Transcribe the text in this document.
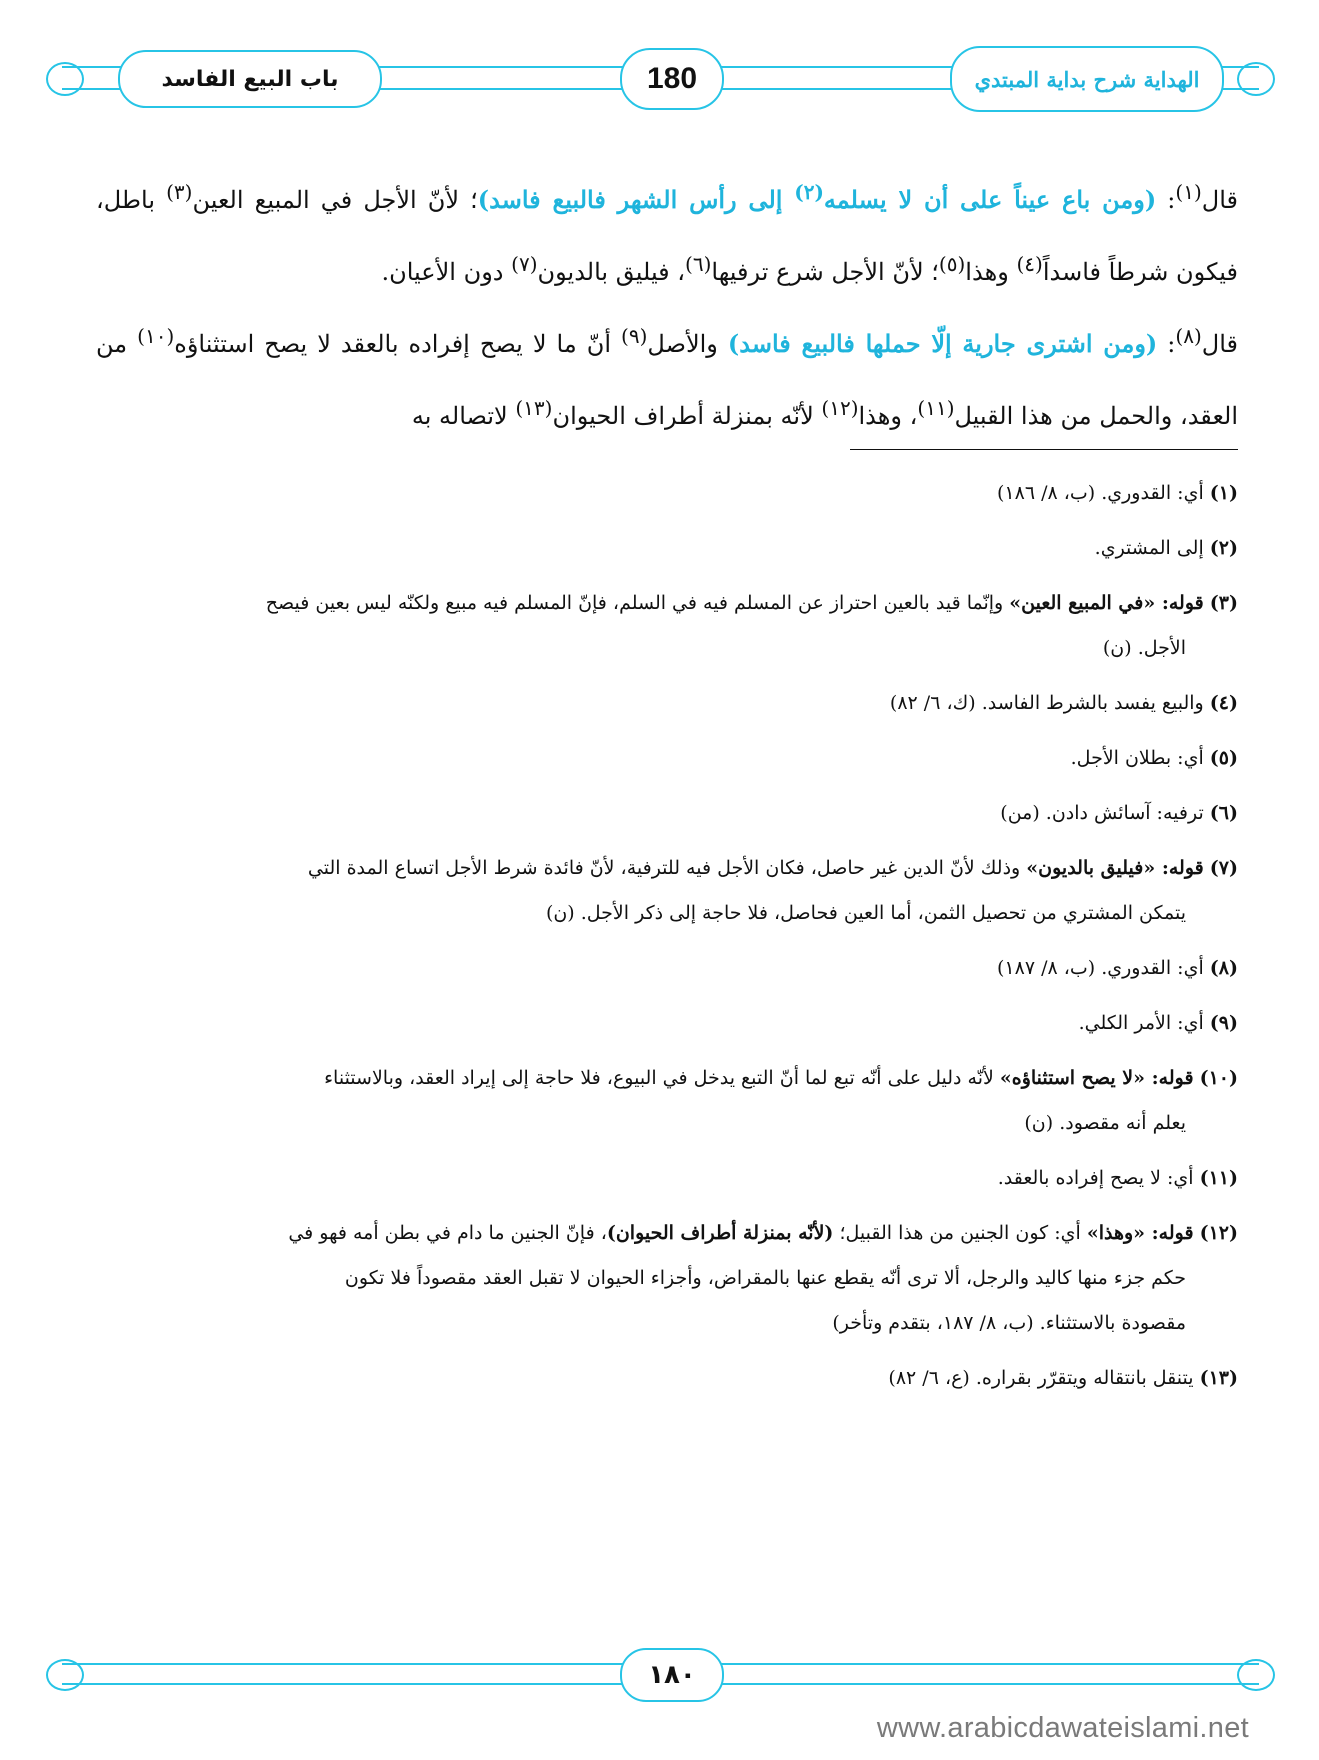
باب البيع الفاسد	180	الهداية شرح بداية المبتدي

قال$^{(١)}$: (ومن باع عيناً على أن لا يسلمه$^{(٢)}$ إلى رأس الشهر فالبيع فاسد)؛ لأنّ الأجل في المبيع العين$^{(٣)}$ باطل، فيكون شرطاً فاسداً$^{(٤)}$ وهذا$^{(٥)}$؛ لأنّ الأجل شرع ترفيها$^{(٦)}$، فيليق بالديون$^{(٧)}$ دون الأعيان.

قال$^{(٨)}$: (ومن اشترى جارية إلّا حملها فالبيع فاسد) والأصل$^{(٩)}$ أنّ ما لا يصح إفراده بالعقد لا يصح استثناؤه$^{(١٠)}$ من العقد، والحمل من هذا القبيل$^{(١١)}$، وهذا$^{(١٢)}$ لأنّه بمنزلة أطراف الحيوان$^{(١٣)}$ لاتصاله به

(١) أي: القدوري. (ب، ٨/ ١٨٦)

(٢) إلى المشتري.

(٣) قوله: «في المبيع العين» وإنّما قيد بالعين احتراز عن المسلم فيه في السلم، فإنّ المسلم فيه مبيع ولكنّه ليس بعين فيصح
الأجل. (ن)

(٤) والبيع يفسد بالشرط الفاسد. (ك، ٦/ ٨٢)

(٥) أي: بطلان الأجل.

(٦) ترفيه: آسائش دادن. (من)

(٧) قوله: «فيليق بالديون» وذلك لأنّ الدين غير حاصل، فكان الأجل فيه للترفية، لأنّ فائدة شرط الأجل اتساع المدة التي
يتمكن المشتري من تحصيل الثمن، أما العين فحاصل، فلا حاجة إلى ذكر الأجل. (ن)

(٨) أي: القدوري. (ب، ٨/ ١٨٧)

(٩) أي: الأمر الكلي.

(١٠) قوله: «لا يصح استثناؤه» لأنّه دليل على أنّه تبع لما أنّ التبع يدخل في البيوع، فلا حاجة إلى إيراد العقد، وبالاستثناء
يعلم أنه مقصود. (ن)

(١١) أي: لا يصح إفراده بالعقد.

(١٢) قوله: «وهذا» أي: كون الجنين من هذا القبيل؛ (لأنّه بمنزلة أطراف الحيوان)، فإنّ الجنين ما دام في بطن أمه فهو في
حكم جزء منها كاليد والرجل، ألا ترى أنّه يقطع عنها بالمقراض، وأجزاء الحيوان لا تقبل العقد مقصوداً فلا تكون
مقصودة بالاستثناء. (ب، ٨/ ١٨٧، بتقدم وتأخر)

(١٣) يتنقل بانتقاله ويتقرّر بقراره. (ع، ٦/ ٨٢)

١٨٠
www.arabicdawateislami.net
